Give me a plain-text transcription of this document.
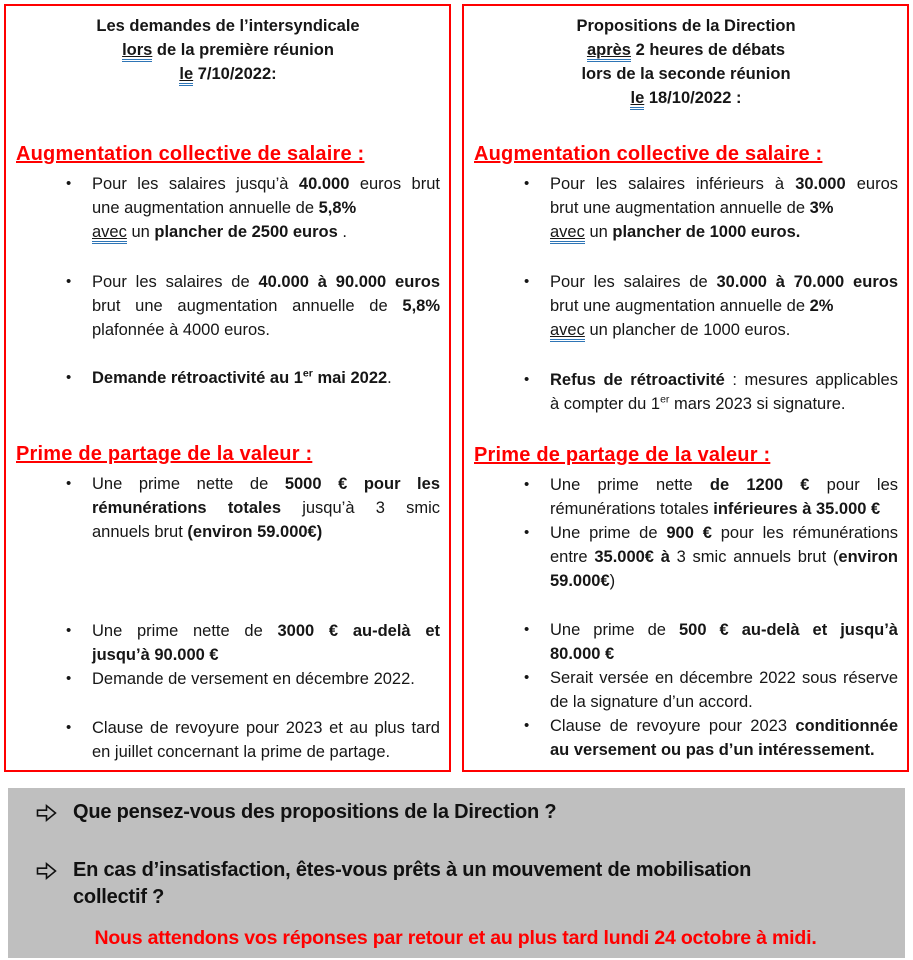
Les demandes de l’intersyndicale
lors de la première réunion
le 7/10/2022:
Augmentation collective de salaire :
• Pour les salaires jusqu’à 40.000 euros brut
une augmentation annuelle de 5,8%
avec un plancher de 2500 euros .
• Pour les salaires de 40.000 à 90.000 euros
brut une augmentation annuelle de 5,8%
plafonnée à 4000 euros.
• Demande rétroactivité au 1er mai 2022.
Prime de partage de la valeur :
• Une prime nette de 5000 € pour les
rémunérations totales jusqu’à 3 smic
annuels brut (environ 59.000€)
• Une prime nette de 3000 € au-delà et
jusqu’à 90.000 €
• Demande de versement en décembre 2022.
• Clause de revoyure pour 2023 et au plus tard
en juillet concernant la prime de partage.
Propositions de la Direction
après 2 heures de débats
lors de la seconde réunion
le 18/10/2022 :
Augmentation collective de salaire :
• Pour les salaires inférieurs à 30.000 euros
brut une augmentation annuelle de 3%
avec un plancher de 1000 euros.
• Pour les salaires de 30.000 à 70.000 euros
brut une augmentation annuelle de 2%
avec un plancher de 1000 euros.
• Refus de rétroactivité : mesures applicables
à compter du 1er mars 2023 si signature.
Prime de partage de la valeur :
• Une prime nette de 1200 € pour les
rémunérations totales inférieures à 35.000 €
• Une prime de 900 € pour les rémunérations
entre 35.000€ à 3 smic annuels brut (environ
59.000€)
• Une prime de 500 € au-delà et jusqu’à
80.000 €
• Serait versée en décembre 2022 sous réserve
de la signature d’un accord.
• Clause de revoyure pour 2023 conditionnée
au versement ou pas d’un intéressement.
Que pensez-vous des propositions de la Direction ?
En cas d’insatisfaction, êtes-vous prêts à un mouvement de mobilisation
collectif ?
Nous attendons vos réponses par retour et au plus tard lundi 24 octobre à midi.
